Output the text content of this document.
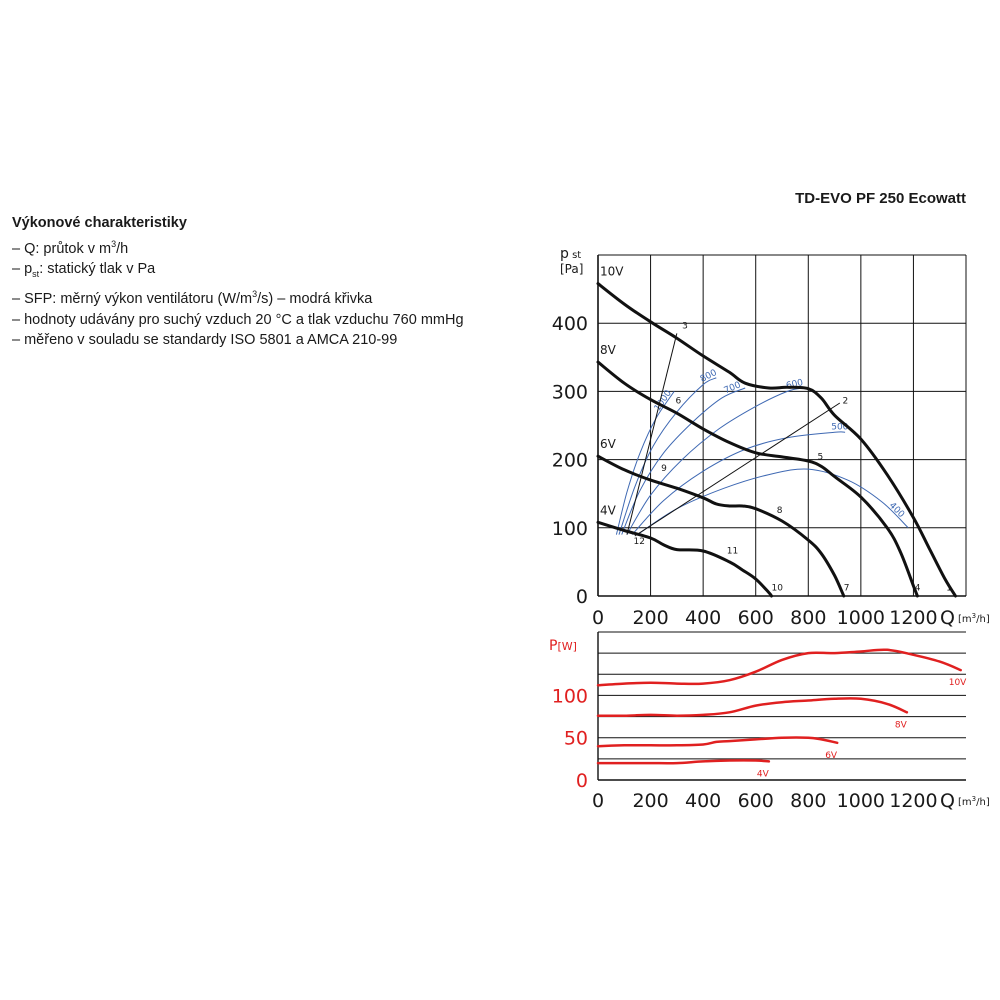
TD-EVO PF 250 Ecowatt
Výkonové charakteristiky
– Q: průtok v $m^3/h$
– $p_{st}$: statický tlak v Pa
– SFP: měrný výkon ventilátoru $(W/m^3/s)$ – modrá křivka
– hodnoty udávány pro suchý vzduch 20 °C a tlak vzduchu 760 mmHg
– měřeno v souladu se standardy ISO 5801 a AMCA 210-99
0
100
200
300
400
0 200 400 600 800 1000 1200
p st
[Pa]
Q $[m^3/h]$
1000
800
700	600
500
400
3
6
9
2
5
8
11
10V
8V
6V
4V
1
4
7
10
12
0
50
100
0 200 400 600 800 1000 1200
P[W]
Q $[m^3/h]$
10V
8V
6V
4V
